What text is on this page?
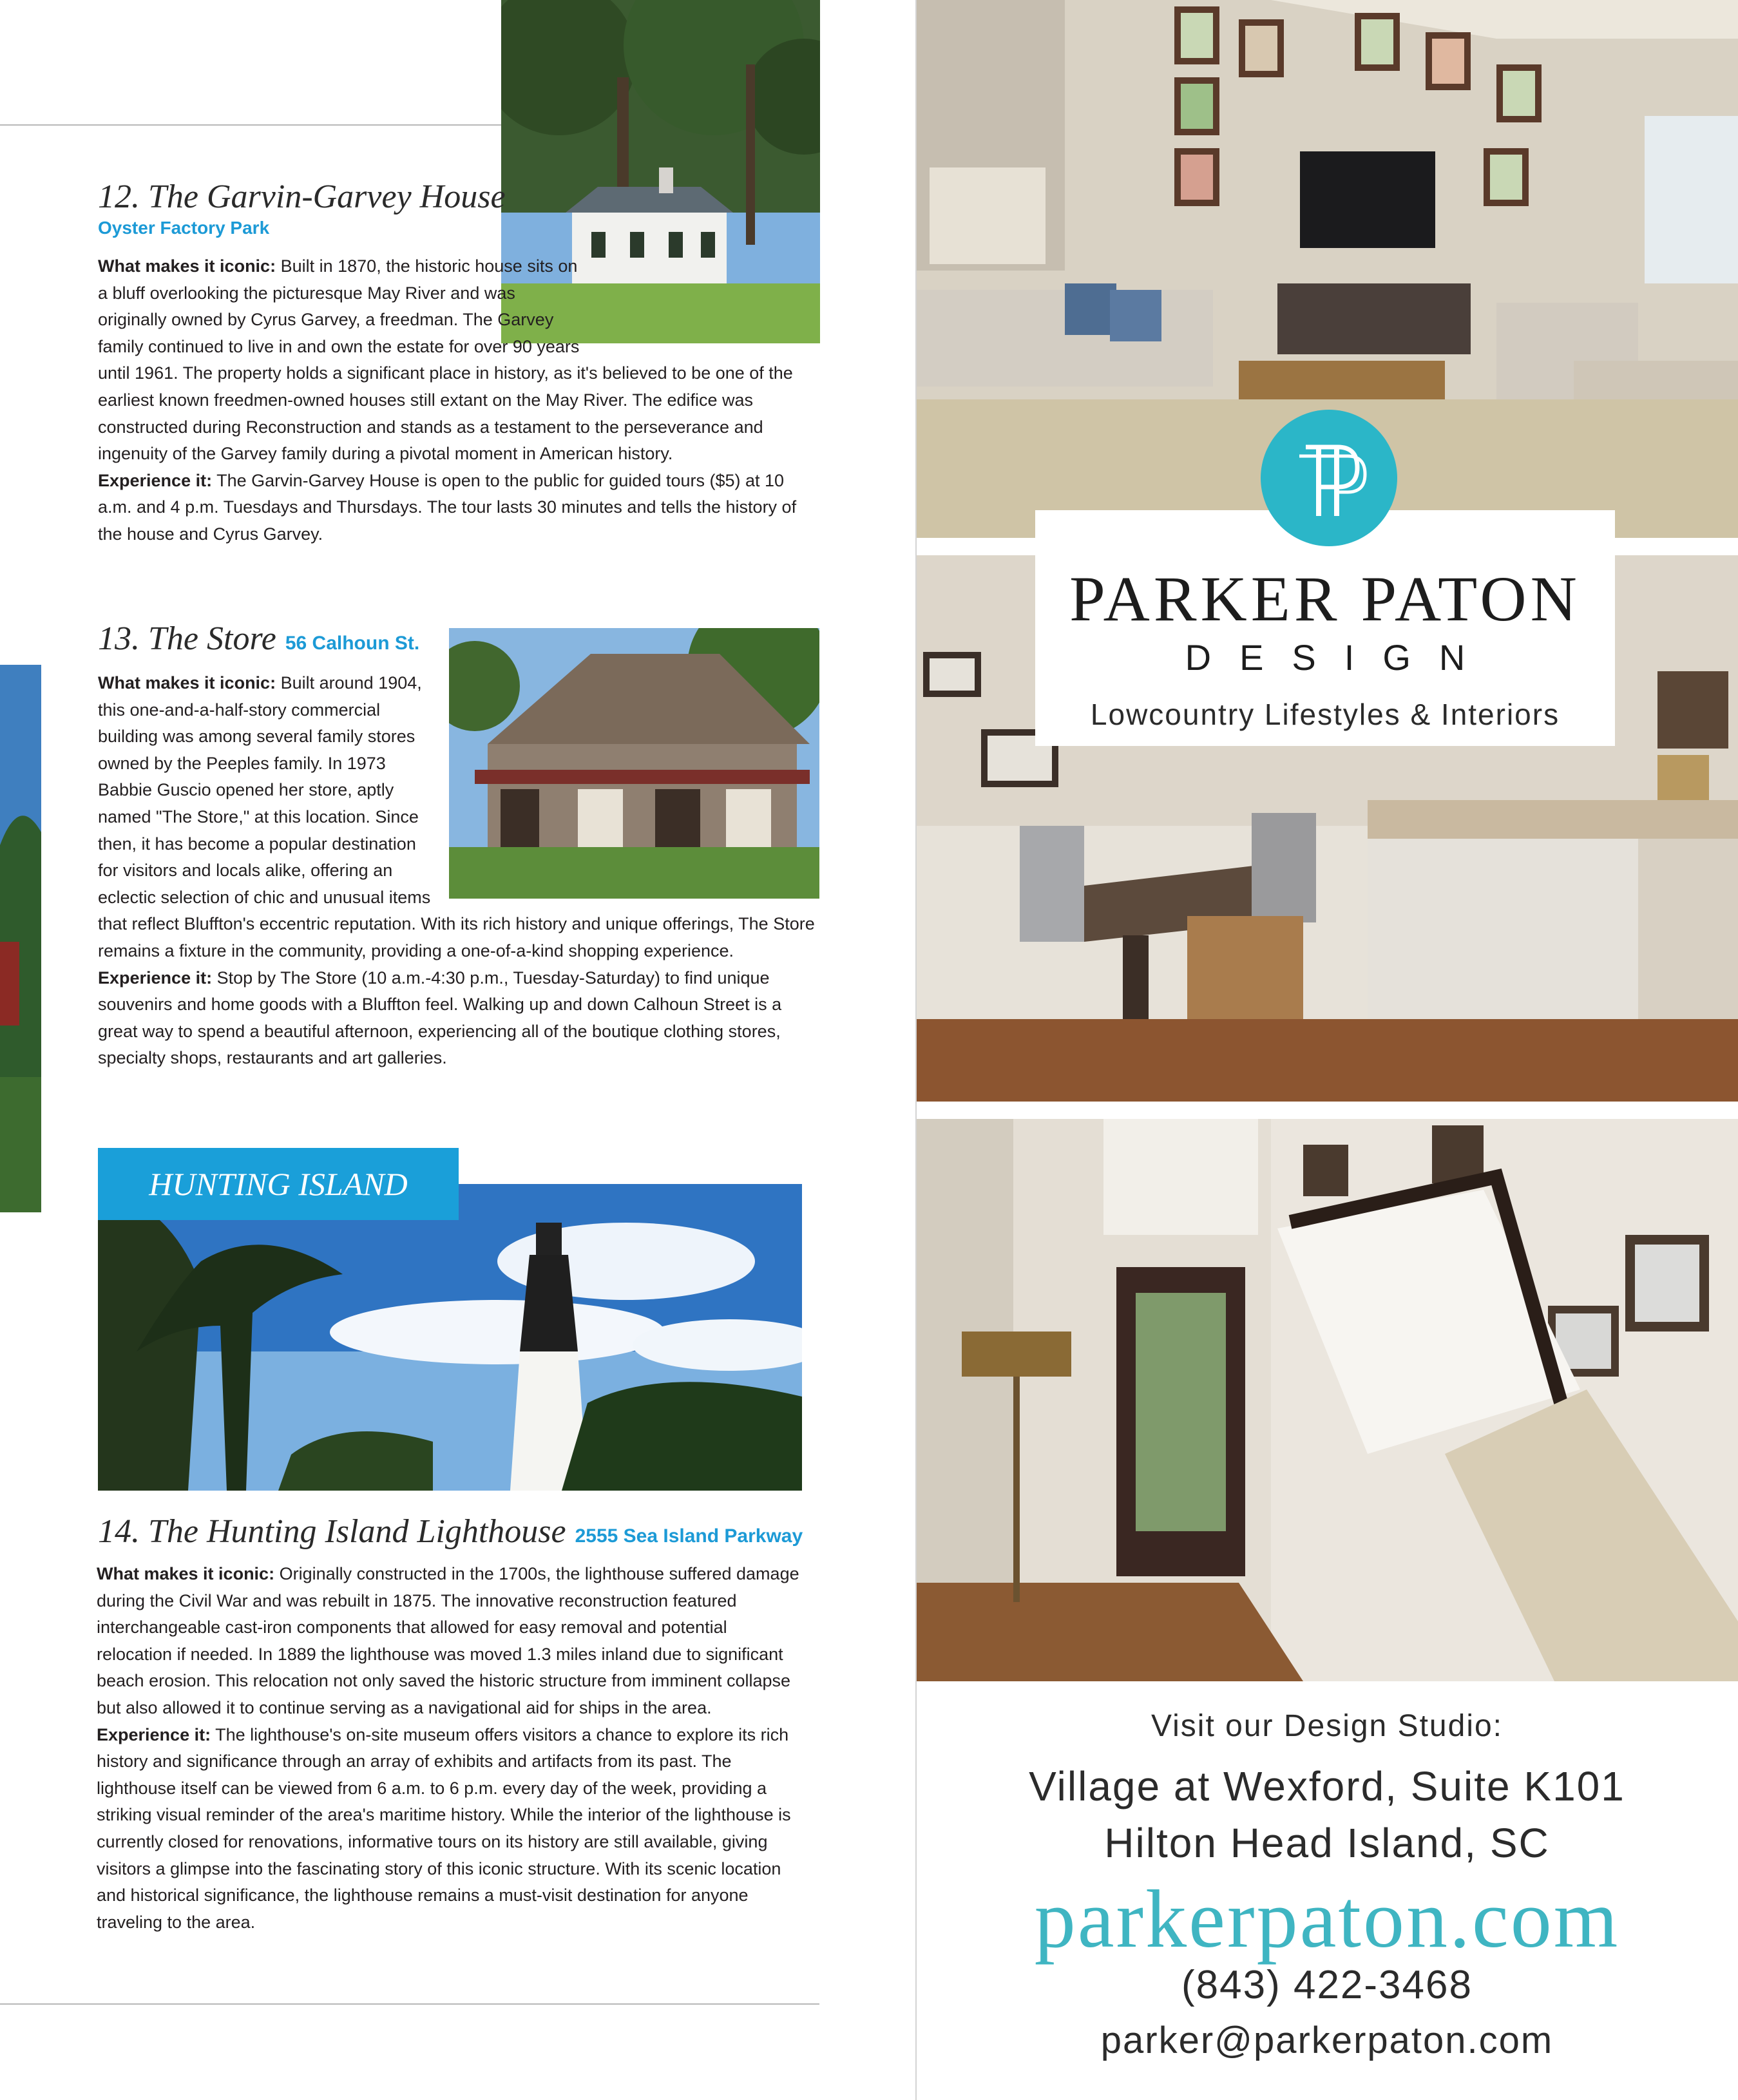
12. The Garvin-Garvey House
Oyster Factory Park
What makes it iconic: Built in 1870, the historic house sits on a bluff overlooking the picturesque May River and was originally owned by Cyrus Garvey, a freedman. The Garvey family continued to live in and own the estate for over 90 years until 1961. The property holds a significant place in history, as it's believed to be one of the earliest known freedmen-owned houses still extant on the May River. The edifice was constructed during Reconstruction and stands as a testament to the perseverance and ingenuity of the Garvey family during a pivotal moment in American history.
Experience it: The Garvin-Garvey House is open to the public for guided tours ($5) at 10 a.m. and 4 p.m. Tuesdays and Thursdays. The tour lasts 30 minutes and tells the history of the house and Cyrus Garvey.
13. The Store 56 Calhoun St.
What makes it iconic: Built around 1904, this one-and-a-half-story commercial building was among several family stores owned by the Peeples family. In 1973 Babbie Guscio opened her store, aptly named "The Store," at this location. Since then, it has become a popular destination for visitors and locals alike, offering an eclectic selection of chic and unusual items that reflect Bluffton's eccentric reputation. With its rich history and unique offerings, The Store remains a fixture in the community, providing a one-of-a-kind shopping experience.
Experience it: Stop by The Store (10 a.m.-4:30 p.m., Tuesday-Saturday) to find unique souvenirs and home goods with a Bluffton feel. Walking up and down Calhoun Street is a great way to spend a beautiful afternoon, experiencing all of the boutique clothing stores, specialty shops, restaurants and art galleries.
HUNTING ISLAND
14. The Hunting Island Lighthouse 2555 Sea Island Parkway
What makes it iconic: Originally constructed in the 1700s, the lighthouse suffered damage during the Civil War and was rebuilt in 1875. The innovative reconstruction featured interchangeable cast-iron components that allowed for easy removal and potential relocation if needed. In 1889 the lighthouse was moved 1.3 miles inland due to significant beach erosion. This relocation not only saved the historic structure from imminent collapse but also allowed it to continue serving as a navigational aid for ships in the area.
Experience it: The lighthouse's on-site museum offers visitors a chance to explore its rich history and significance through an array of exhibits and artifacts from its past. The lighthouse itself can be viewed from 6 a.m. to 6 p.m. every day of the week, providing a striking visual reminder of the area's maritime history. While the interior of the lighthouse is currently closed for renovations, informative tours on its history are still available, giving visitors a glimpse into the fascinating story of this iconic structure. With its scenic location and historical significance, the lighthouse remains a must-visit destination for anyone traveling to the area.
PARKER PATON
DESIGN
Lowcountry Lifestyles & Interiors
Visit our Design Studio:
Village at Wexford, Suite K101
Hilton Head Island, SC
parkerpaton.com
(843) 422-3468
parker@parkerpaton.com
